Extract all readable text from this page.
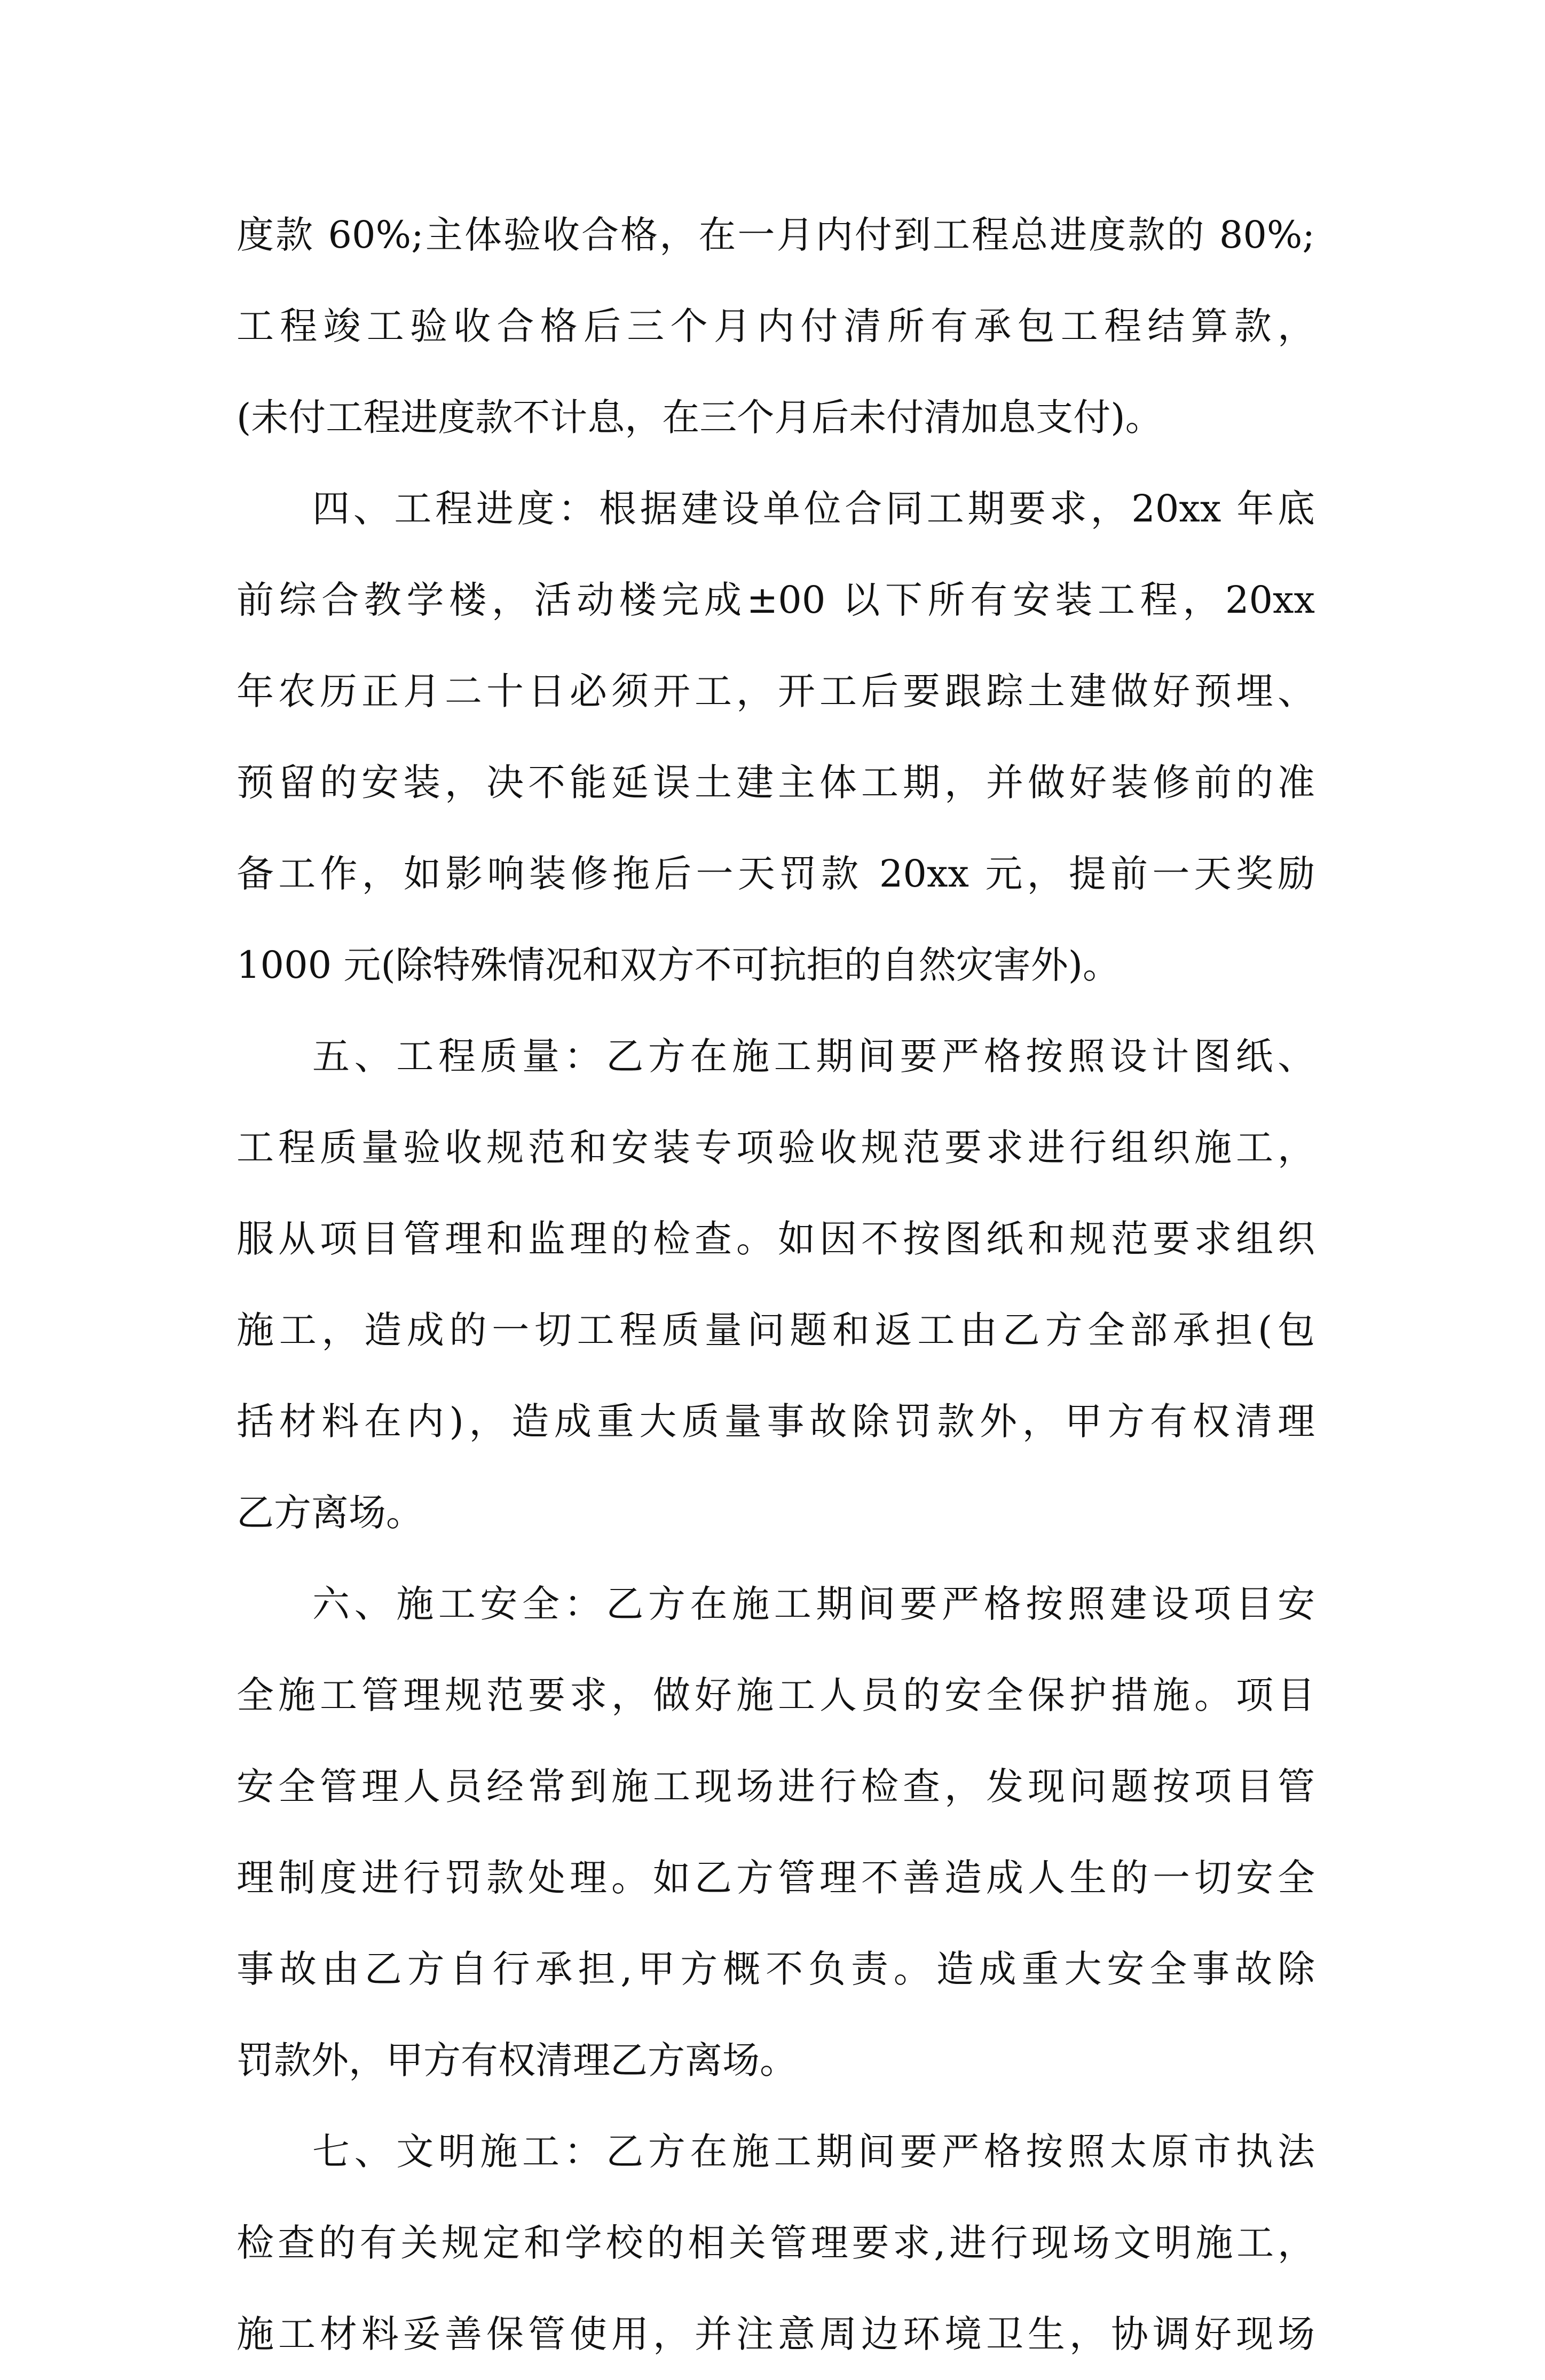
度款 60%;主体验收合格，在一月内付到工程总进度款的 80%;
工程竣工验收合格后三个月内付清所有承包工程结算款，
(未付工程进度款不计息，在三个月后未付清加息支付)。
四、工程进度：根据建设单位合同工期要求，20xx 年底
前综合教学楼，活动楼完成±00 以下所有安装工程，20xx
年农历正月二十日必须开工，开工后要跟踪土建做好预埋、
预留的安装，决不能延误土建主体工期，并做好装修前的准
备工作，如影响装修拖后一天罚款 20xx 元，提前一天奖励
1000 元(除特殊情况和双方不可抗拒的自然灾害外)。
五、工程质量：乙方在施工期间要严格按照设计图纸、
工程质量验收规范和安装专项验收规范要求进行组织施工，
服从项目管理和监理的检查。如因不按图纸和规范要求组织
施工，造成的一切工程质量问题和返工由乙方全部承担(包
括材料在内)，造成重大质量事故除罚款外，甲方有权清理
乙方离场。
六、施工安全：乙方在施工期间要严格按照建设项目安
全施工管理规范要求，做好施工人员的安全保护措施。项目
安全管理人员经常到施工现场进行检查，发现问题按项目管
理制度进行罚款处理。如乙方管理不善造成人生的一切安全
事故由乙方自行承担,甲方概不负责。造成重大安全事故除
罚款外，甲方有权清理乙方离场。
七、文明施工：乙方在施工期间要严格按照太原市执法
检查的有关规定和学校的相关管理要求,进行现场文明施工，
施工材料妥善保管使用，并注意周边环境卫生，协调好现场
